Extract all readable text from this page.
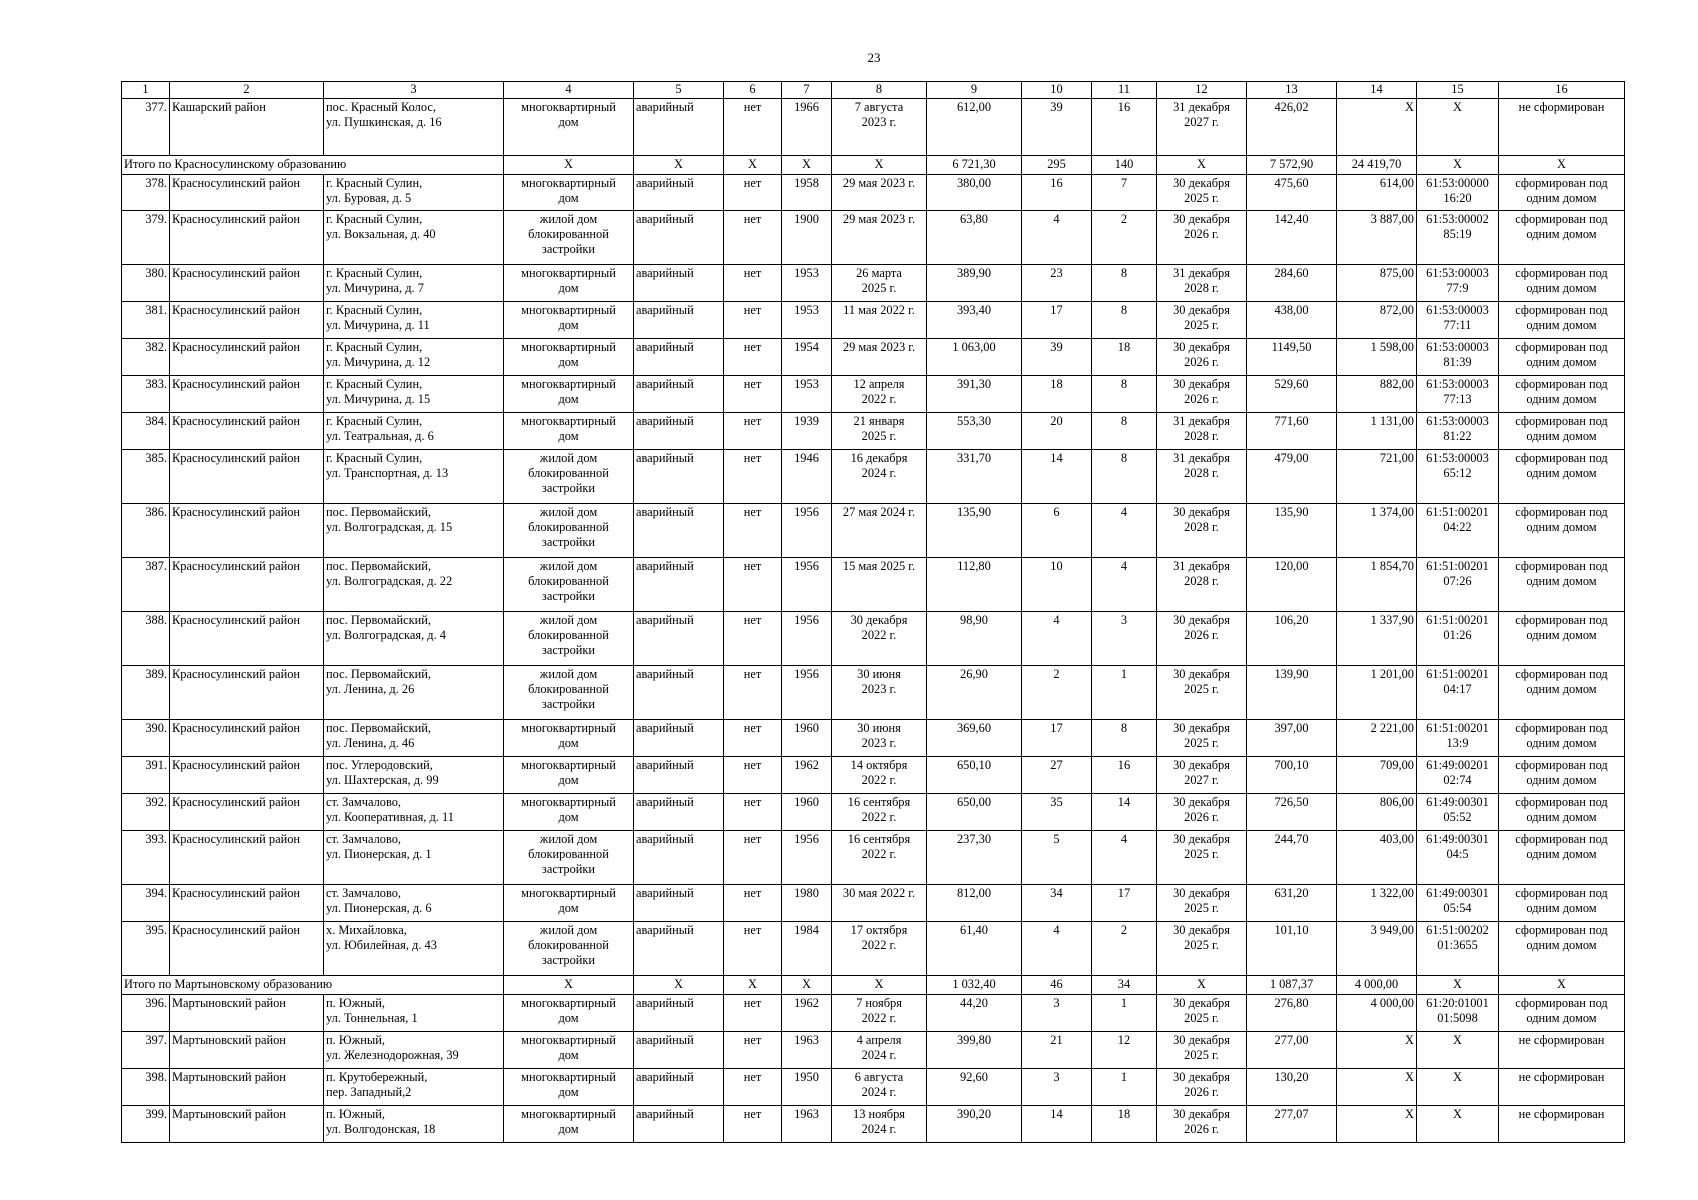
23
1	2	3	4	5	6	7	8	9	10	11	12	13	14	15	16
377.	Кашарский район	пос. Красный Колос,
ул. Пушкинская, д. 16	многоквартирный
дом	аварийный	нет	1966	7 августа
2023 г.	612,00	39	16	31 декабря
2027 г.	426,02	Х	Х	не сформирован
Итого по Красносулинскому образованию			Х	Х	Х	Х	Х	6 721,30	295	140	Х	7 572,90	24 419,70	Х	Х
378.	Красносулинский район	г. Красный Сулин,
ул. Буровая, д. 5	многоквартирный
дом	аварийный	нет	1958	29 мая 2023 г.	380,00	16	7	30 декабря
2025 г.	475,60	614,00	61:53:00000
16:20	сформирован под
одним домом
379.	Красносулинский район	г. Красный Сулин,
ул. Вокзальная, д. 40	жилой дом
блокированной
застройки	аварийный	нет	1900	29 мая 2023 г.	63,80	4	2	30 декабря
2026 г.	142,40	3 887,00	61:53:00002
85:19	сформирован под
одним домом
380.	Красносулинский район	г. Красный Сулин,
ул. Мичурина, д. 7	многоквартирный
дом	аварийный	нет	1953	26 марта
2025 г.	389,90	23	8	31 декабря
2028 г.	284,60	875,00	61:53:00003
77:9	сформирован под
одним домом
381.	Красносулинский район	г. Красный Сулин,
ул. Мичурина, д. 11	многоквартирный
дом	аварийный	нет	1953	11 мая 2022 г.	393,40	17	8	30 декабря
2025 г.	438,00	872,00	61:53:00003
77:11	сформирован под
одним домом
382.	Красносулинский район	г. Красный Сулин,
ул. Мичурина, д. 12	многоквартирный
дом	аварийный	нет	1954	29 мая 2023 г.	1 063,00	39	18	30 декабря
2026 г.	1149,50	1 598,00	61:53:00003
81:39	сформирован под
одним домом
383.	Красносулинский район	г. Красный Сулин,
ул. Мичурина, д. 15	многоквартирный
дом	аварийный	нет	1953	12 апреля
2022 г.	391,30	18	8	30 декабря
2026 г.	529,60	882,00	61:53:00003
77:13	сформирован под
одним домом
384.	Красносулинский район	г. Красный Сулин,
ул. Театральная, д. 6	многоквартирный
дом	аварийный	нет	1939	21 января
2025 г.	553,30	20	8	31 декабря
2028 г.	771,60	1 131,00	61:53:00003
81:22	сформирован под
одним домом
385.	Красносулинский район	г. Красный Сулин,
ул. Транспортная, д. 13	жилой дом
блокированной
застройки	аварийный	нет	1946	16 декабря
2024 г.	331,70	14	8	31 декабря
2028 г.	479,00	721,00	61:53:00003
65:12	сформирован под
одним домом
386.	Красносулинский район	пос. Первомайский,
ул. Волгоградская, д. 15	жилой дом
блокированной
застройки	аварийный	нет	1956	27 мая 2024 г.	135,90	6	4	30 декабря
2028 г.	135,90	1 374,00	61:51:00201
04:22	сформирован под
одним домом
387.	Красносулинский район	пос. Первомайский,
ул. Волгоградская, д. 22	жилой дом
блокированной
застройки	аварийный	нет	1956	15 мая 2025 г.	112,80	10	4	31 декабря
2028 г.	120,00	1 854,70	61:51:00201
07:26	сформирован под
одним домом
388.	Красносулинский район	пос. Первомайский,
ул. Волгоградская, д. 4	жилой дом
блокированной
застройки	аварийный	нет	1956	30 декабря
2022 г.	98,90	4	3	30 декабря
2026 г.	106,20	1 337,90	61:51:00201
01:26	сформирован под
одним домом
389.	Красносулинский район	пос. Первомайский,
ул. Ленина, д. 26	жилой дом
блокированной
застройки	аварийный	нет	1956	30 июня
2023 г.	26,90	2	1	30 декабря
2025 г.	139,90	1 201,00	61:51:00201
04:17	сформирован под
одним домом
390.	Красносулинский район	пос. Первомайский,
ул. Ленина, д. 46	многоквартирный
дом	аварийный	нет	1960	30 июня
2023 г.	369,60	17	8	30 декабря
2025 г.	397,00	2 221,00	61:51:00201
13:9	сформирован под
одним домом
391.	Красносулинский район	пос. Углеродовский,
ул. Шахтерская, д. 99	многоквартирный
дом	аварийный	нет	1962	14 октября
2022 г.	650,10	27	16	30 декабря
2027 г.	700,10	709,00	61:49:00201
02:74	сформирован под
одним домом
392.	Красносулинский район	ст. Замчалово,
ул. Кооперативная, д. 11	многоквартирный
дом	аварийный	нет	1960	16 сентября
2022 г.	650,00	35	14	30 декабря
2026 г.	726,50	806,00	61:49:00301
05:52	сформирован под
одним домом
393.	Красносулинский район	ст. Замчалово,
ул. Пионерская, д. 1	жилой дом
блокированной
застройки	аварийный	нет	1956	16 сентября
2022 г.	237,30	5	4	30 декабря
2025 г.	244,70	403,00	61:49:00301
04:5	сформирован под
одним домом
394.	Красносулинский район	ст. Замчалово,
ул. Пионерская, д. 6	многоквартирный
дом	аварийный	нет	1980	30 мая 2022 г.	812,00	34	17	30 декабря
2025 г.	631,20	1 322,00	61:49:00301
05:54	сформирован под
одним домом
395.	Красносулинский район	х. Михайловка,
ул. Юбилейная, д. 43	жилой дом
блокированной
застройки	аварийный	нет	1984	17 октября
2022 г.	61,40	4	2	30 декабря
2025 г.	101,10	3 949,00	61:51:00202
01:3655	сформирован под
одним домом
Итого по Мартыновскому образованию			Х	Х	Х	Х	Х	1 032,40	46	34	Х	1 087,37	4 000,00	Х	Х
396.	Мартыновский район	п. Южный,
ул. Тоннельная, 1	многоквартирный
дом	аварийный	нет	1962	7 ноября
2022 г.	44,20	3	1	30 декабря
2025 г.	276,80	4 000,00	61:20:01001
01:5098	сформирован под
одним домом
397.	Мартыновский район	п. Южный,
ул. Железнодорожная, 39	многоквартирный
дом	аварийный	нет	1963	4 апреля
2024 г.	399,80	21	12	30 декабря
2025 г.	277,00	Х	Х	не сформирован
398.	Мартыновский район	п. Крутобережный,
пер. Западный,2	многоквартирный
дом	аварийный	нет	1950	6 августа
2024 г.	92,60	3	1	30 декабря
2026 г.	130,20	Х	Х	не сформирован
399.	Мартыновский район	п. Южный,
ул. Волгодонская, 18	многоквартирный
дом	аварийный	нет	1963	13 ноября
2024 г.	390,20	14	18	30 декабря
2026 г.	277,07	Х	Х	не сформирован
